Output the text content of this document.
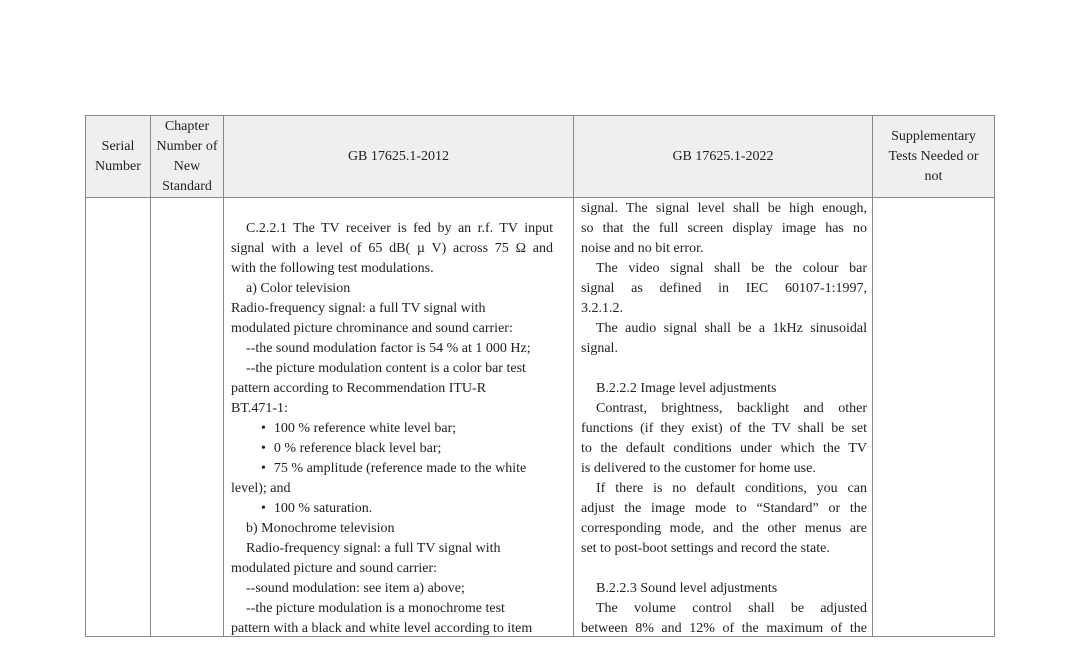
Serial Number
Chapter Number of New Standard
GB 17625.1-2012	GB 17625.1-2022
Supplementary Tests Needed or not
C.2.2.1 The TV receiver is fed by an r.f. TV input
signal with a level of 65 dB( µ V) across 75 Ω and
with the following test modulations.
a) Color television
Radio-frequency signal: a full TV signal with
modulated picture chrominance and sound carrier:
--the sound modulation factor is 54 % at 1 000 Hz;
--the picture modulation content is a color bar test
pattern according to Recommendation ITU-R
BT.471-1:
• 100 % reference white level bar;
• 0 % reference black level bar;
• 75 % amplitude (reference made to the white
level); and
• 100 % saturation.
b) Monochrome television
Radio-frequency signal: a full TV signal with
modulated picture and sound carrier:
--sound modulation: see item a) above;
--the picture modulation is a monochrome test
pattern with a black and white level according to item
signal. The signal level shall be high enough,
so that the full screen display image has no
noise and no bit error.
The video signal shall be the colour bar
signal as defined in IEC 60107-1:1997,
3.2.1.2.
The audio signal shall be a 1kHz sinusoidal
signal.
B.2.2.2 Image level adjustments
Contrast, brightness, backlight and other
functions (if they exist) of the TV shall be set
to the default conditions under which the TV
is delivered to the customer for home use.
If there is no default conditions, you can
adjust the image mode to “Standard” or the
corresponding mode, and the other menus are
set to post-boot settings and record the state.
B.2.2.3 Sound level adjustments
The volume control shall be adjusted
between 8% and 12% of the maximum of the
